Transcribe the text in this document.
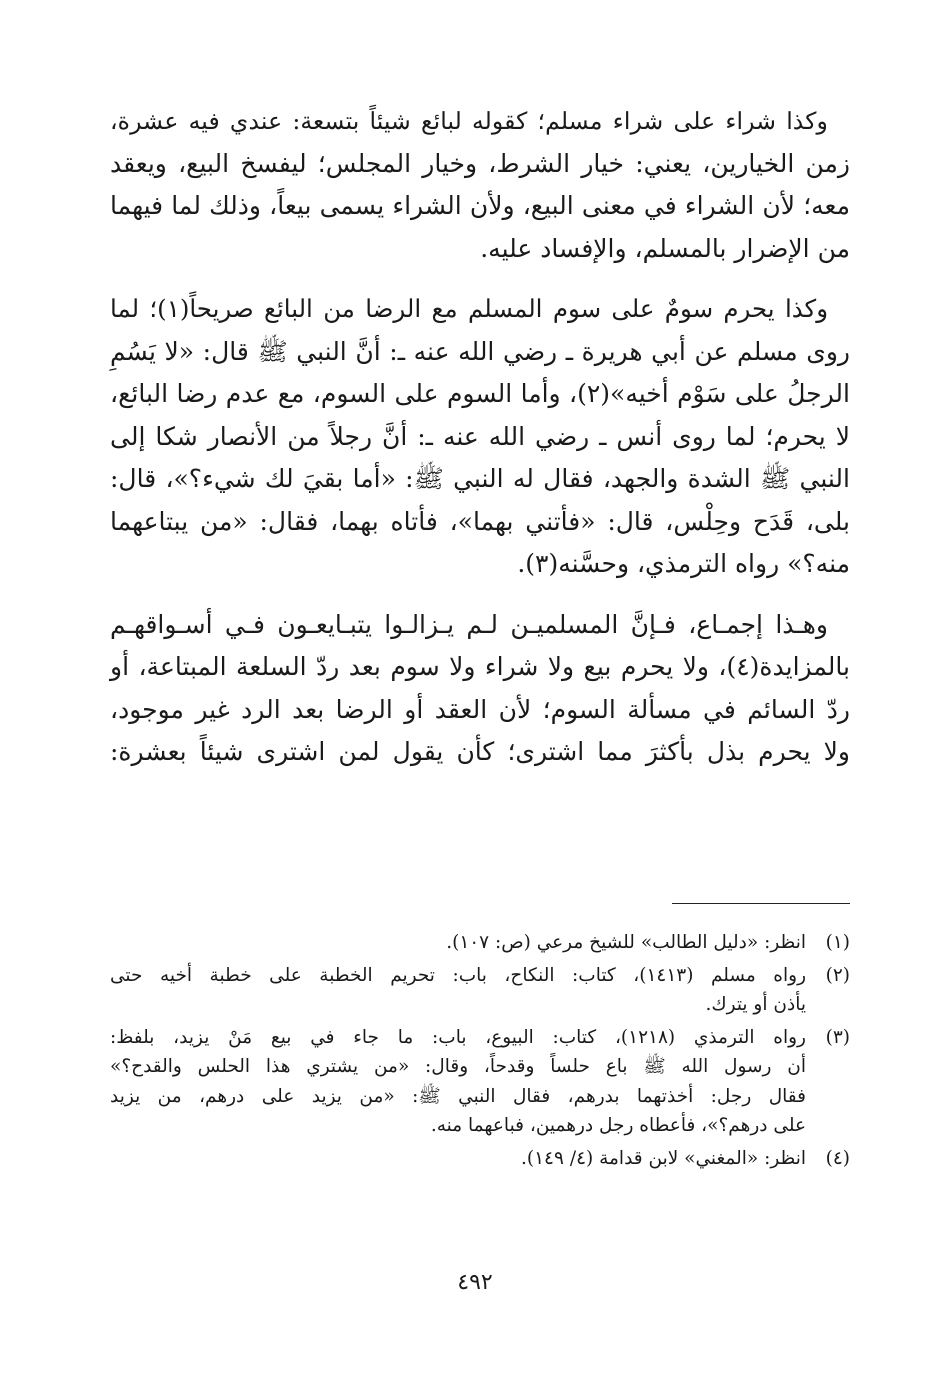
وكذا شراء على شراء مسلم؛ كقوله لبائع شيئاً بتسعة: عندي فيه عشرة،
زمن الخيارين، يعني: خيار الشرط، وخيار المجلس؛ ليفسخ البيع، ويعقد
معه؛ لأن الشراء في معنى البيع، ولأن الشراء يسمى بيعاً، وذلك لما فيهما
من الإضرار بالمسلم، والإفساد عليه.

وكذا يحرم سومٌ على سوم المسلم مع الرضا من البائع صريحاً(١)؛ لما
روى مسلم عن أبي هريرة ـ رضي الله عنه ـ: أنَّ النبي ﷺ قال: «لا يَسُمِ
الرجلُ على سَوْم أخيه»(٢)، وأما السوم على السوم، مع عدم رضا البائع،
لا يحرم؛ لما روى أنس ـ رضي الله عنه ـ: أنَّ رجلاً من الأنصار شكا إلى
النبي ﷺ الشدة والجهد، فقال له النبي ﷺ: «أما بقيَ لك شيء؟»، قال:
بلى، قَدَح وحِلْس، قال: «فأتني بهما»، فأتاه بهما، فقال: «من يبتاعهما
منه؟» رواه الترمذي، وحسَّنه(٣).

وهـذا إجمـاع، فـإنَّ المسلميـن لـم يـزالـوا يتبـايعـون فـي أسـواقهـم
بالمزايدة(٤)، ولا يحرم بيع ولا شراء ولا سوم بعد ردّ السلعة المبتاعة، أو
ردّ السائم في مسألة السوم؛ لأن العقد أو الرضا بعد الرد غير موجود،
ولا يحرم بذل بأكثرَ مما اشترى؛ كأن يقول لمن اشترى شيئاً بعشرة:

(١)
انظر: «دليل الطالب» للشيخ مرعي (ص: ١٠٧).
(٢)
رواه مسلم (١٤١٣)، كتاب: النكاح، باب: تحريم الخطبة على خطبة أخيه حتى
يأذن أو يترك.
(٣)
رواه الترمذي (١٢١٨)، كتاب: البيوع، باب: ما جاء في بيع مَنْ يزيد، بلفظ:
أن رسول الله ﷺ باع حلساً وقدحاً، وقال: «من يشتري هذا الحلس والقدح؟»
فقال رجل: أخذتهما بدرهم، فقال النبي ﷺ: «من يزيد على درهم، من يزيد
على درهم؟»، فأعطاه رجل درهمين، فباعهما منه.
(٤)
انظر: «المغني» لابن قدامة (٤/ ١٤٩).
٤٩٢
